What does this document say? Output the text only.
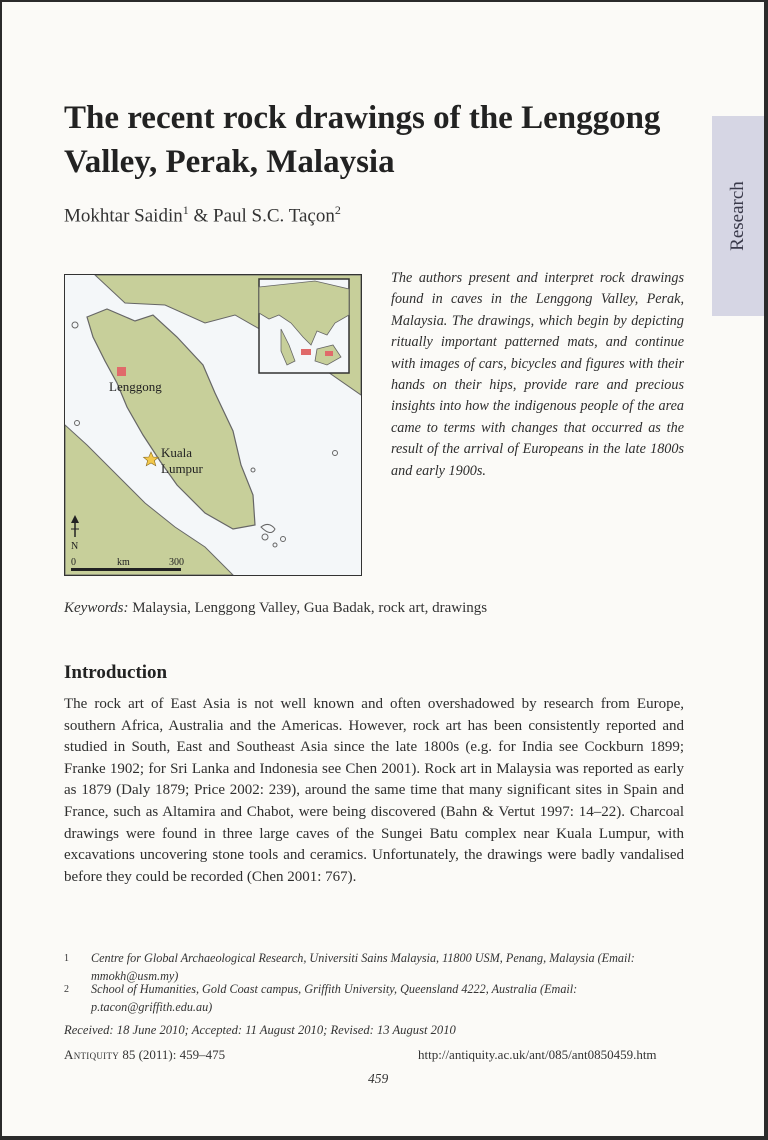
Research
The recent rock drawings of the Lenggong Valley, Perak, Malaysia
Mokhtar Saidin$^1$ & Paul S.C. Taçon$^2$
Lenggong
Kuala
Lumpur
N
0	km	300

The authors present and interpret rock drawings found in caves in the Lenggong Valley, Perak, Malaysia. The drawings, which begin by depicting ritually important patterned mats, and continue with images of cars, bicycles and figures with their hands on their hips, provide rare and precious insights into how the indigenous people of the area came to terms with changes that occurred as the result of the arrival of Europeans in the late 1800s and early 1900s.

Keywords: Malaysia, Lenggong Valley, Gua Badak, rock art, drawings
Introduction

The rock art of East Asia is not well known and often overshadowed by research from Europe, southern Africa, Australia and the Americas. However, rock art has been consistently reported and studied in South, East and Southeast Asia since the late 1800s (e.g. for India see Cockburn 1899; Franke 1902; for Sri Lanka and Indonesia see Chen 2001). Rock art in Malaysia was reported as early as 1879 (Daly 1879; Price 2002: 239), around the same time that many significant sites in Spain and France, such as Altamira and Chabot, were being discovered (Bahn & Vertut 1997: 14–22). Charcoal drawings were found in three large caves of the Sungei Batu complex near Kuala Lumpur, with excavations uncovering stone tools and ceramics. Unfortunately, the drawings were badly vandalised before they could be recorded (Chen 2001: 767).

1 Centre for Global Archaeological Research, Universiti Sains Malaysia, 11800 USM, Penang, Malaysia (Email: mmokh@usm.my)
2 School of Humanities, Gold Coast campus, Griffith University, Queensland 4222, Australia (Email: p.tacon@griffith.edu.au)
Received: 18 June 2010; Accepted: 11 August 2010; Revised: 13 August 2010
Antiquity 85 (2011): 459–475	http://antiquity.ac.uk/ant/085/ant0850459.htm
459
